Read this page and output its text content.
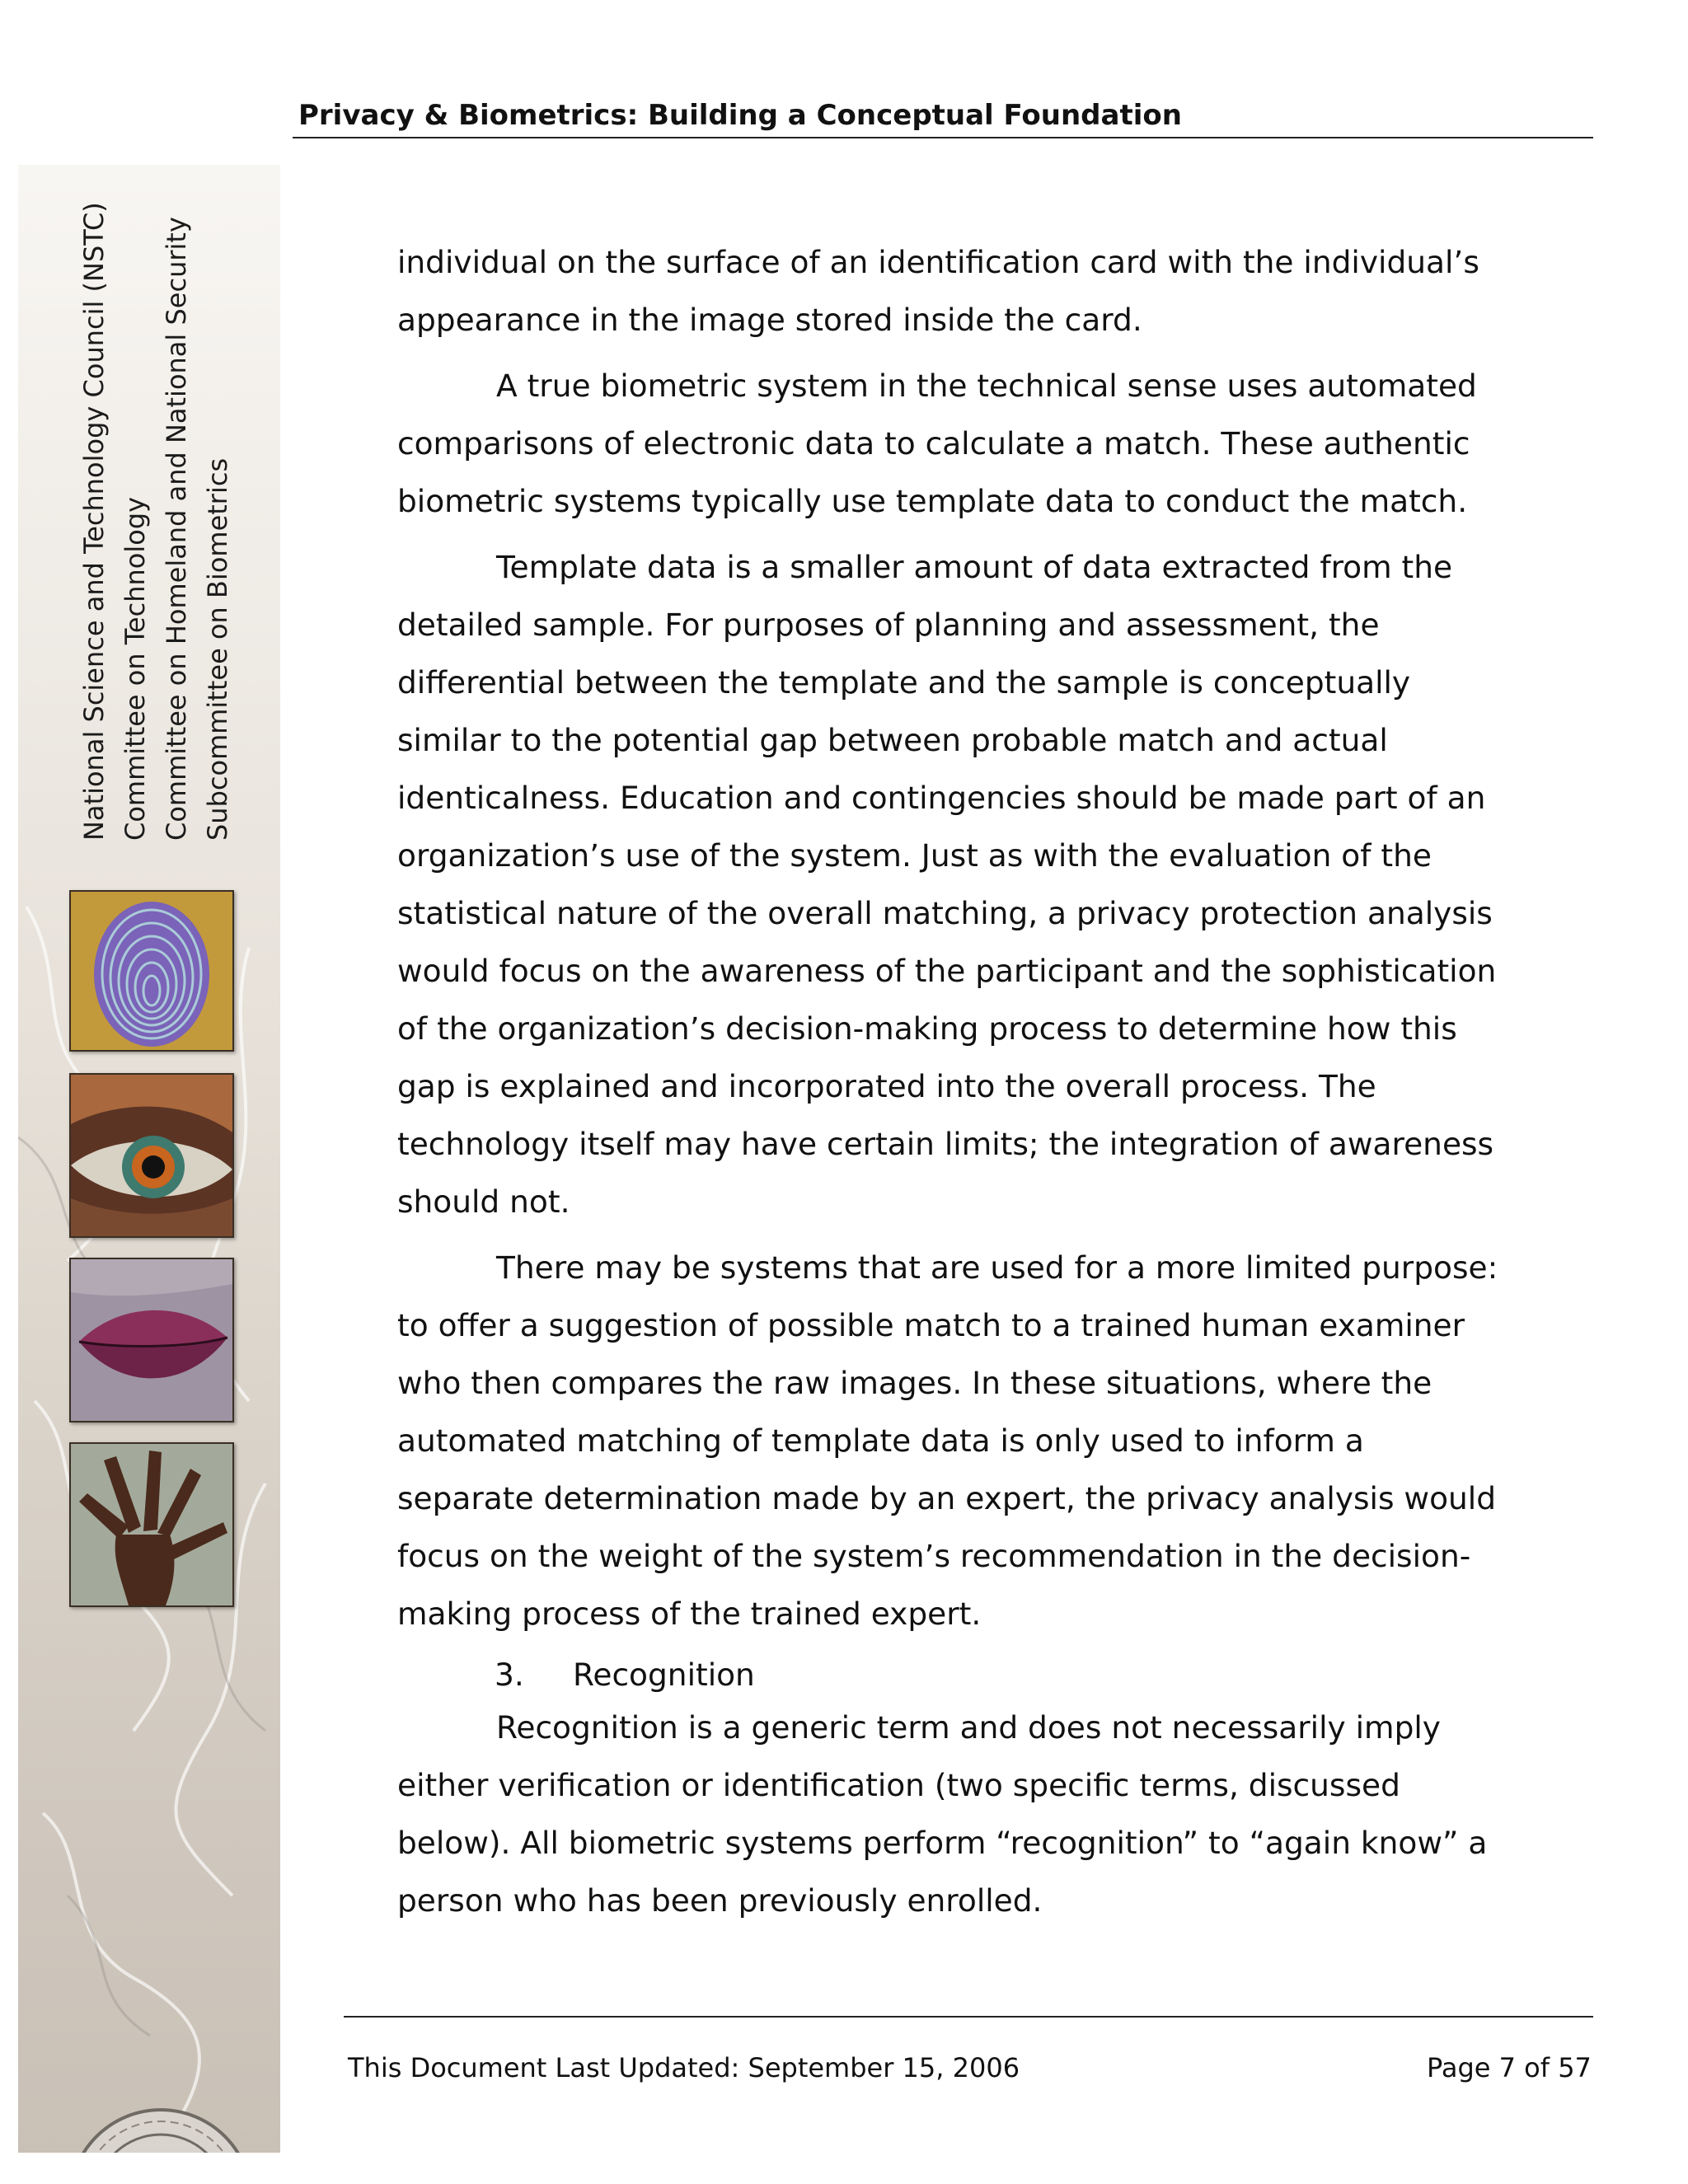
National Science and Technology Council (NSTC) Committee on Technology Committee on Homeland and National Security Subcommittee on Biometrics
Privacy & Biometrics: Building a Conceptual Foundation

individual on the surface of an identification card with the individual’s appearance in the image stored inside the card.

A true biometric system in the technical sense uses automated comparisons of electronic data to calculate a match. These authentic biometric systems typically use template data to conduct the match.

Template data is a smaller amount of data extracted from the detailed sample. For purposes of planning and assessment, the differential between the template and the sample is conceptually similar to the potential gap between probable match and actual identicalness. Education and contingencies should be made part of an organization’s use of the system. Just as with the evaluation of the statistical nature of the overall matching, a privacy protection analysis would focus on the awareness of the participant and the sophistication of the organization’s decision-making process to determine how this gap is explained and incorporated into the overall process. The technology itself may have certain limits; the integration of awareness should not.

There may be systems that are used for a more limited purpose: to offer a suggestion of possible match to a trained human examiner who then compares the raw images. In these situations, where the automated matching of template data is only used to inform a separate determination made by an expert, the privacy analysis would focus on the weight of the system’s recommendation in the decision-making process of the trained expert.

3. Recognition

Recognition is a generic term and does not necessarily imply either verification or identification (two specific terms, discussed below). All biometric systems perform “recognition” to “again know” a person who has been previously enrolled.

This Document Last Updated: September 15, 2006	Page 7 of 57
